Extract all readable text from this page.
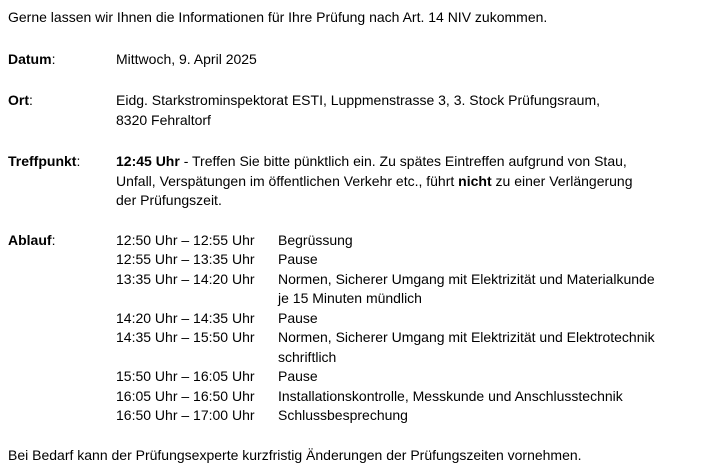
Gerne lassen wir Ihnen die Informationen für Ihre Prüfung nach Art. 14 NIV zukommen.
Datum:	Mittwoch, 9. April 2025
Ort:	Eidg. Starkstrominspektorat ESTI, Luppmenstrasse 3, 3. Stock Prüfungsraum,
8320 Fehraltorf
Treffpunkt:	12:45 Uhr - Treffen Sie bitte pünktlich ein. Zu spätes Eintreffen aufgrund von Stau,
Unfall, Verspätungen im öffentlichen Verkehr etc., führt nicht zu einer Verlängerung
der Prüfungszeit.
Ablauf:	12:50 Uhr – 12:55 Uhr	Begrüssung
12:55 Uhr – 13:35 Uhr	Pause
13:35 Uhr – 14:20 Uhr	Normen, Sicherer Umgang mit Elektrizität und Materialkunde
je 15 Minuten mündlich
14:20 Uhr – 14:35 Uhr	Pause
14:35 Uhr – 15:50 Uhr	Normen, Sicherer Umgang mit Elektrizität und Elektrotechnik
schriftlich
15:50 Uhr – 16:05 Uhr	Pause
16:05 Uhr – 16:50 Uhr	Installationskontrolle, Messkunde und Anschlusstechnik
16:50 Uhr – 17:00 Uhr	Schlussbesprechung
Bei Bedarf kann der Prüfungsexperte kurzfristig Änderungen der Prüfungszeiten vornehmen.
